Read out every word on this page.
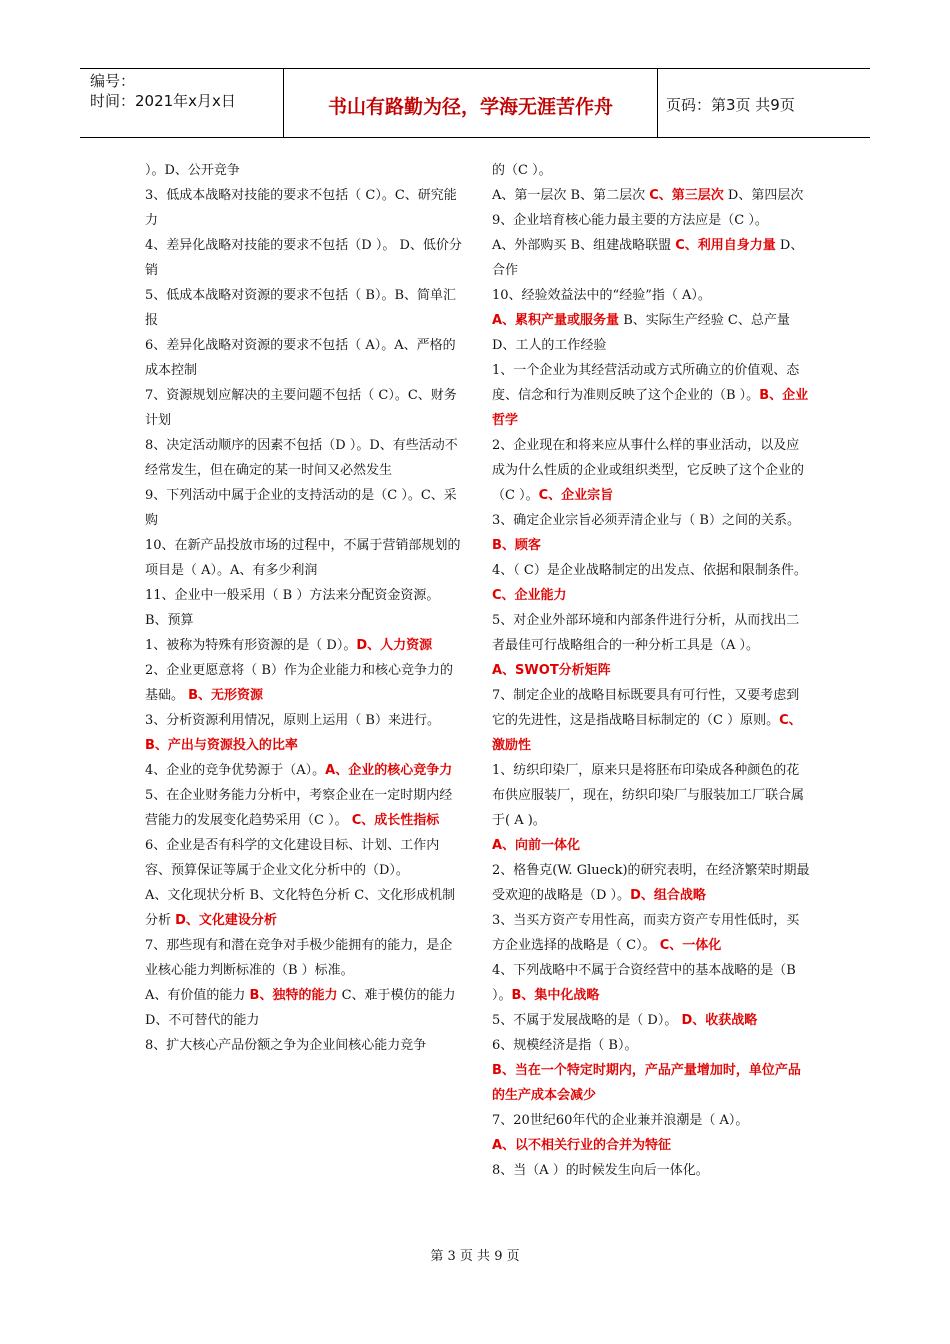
编号：
时间：2021年x月x日	书山有路勤为径，学海无涯苦作舟	页码：第3页 共9页

）。D、公开竞争

3、低成本战略对技能的要求不包括（ C）。C、研究能力

4、差异化战略对技能的要求不包括（D ）。 D、低价分销

5、低成本战略对资源的要求不包括（ B）。B、简单汇报

6、差异化战略对资源的要求不包括（ A）。A、严格的成本控制

7、资源规划应解决的主要问题不包括（ C）。C、财务计划

8、决定活动顺序的因素不包括（D ）。D、有些活动不经常发生，但在确定的某一时间又必然发生

9、下列活动中属于企业的支持活动的是（C ）。C、采购

10、在新产品投放市场的过程中，不属于营销部规划的项目是（ A）。A、有多少利润

11、企业中一般采用（ B ）方法来分配资金资源。

B、预算

1、被称为特殊有形资源的是（ D）。D、人力资源

2、企业更愿意将（ B）作为企业能力和核心竞争力的基础。 B、无形资源

3、分析资源利用情况，原则上运用（ B）来进行。

B、产出与资源投入的比率

4、企业的竞争优势源于（A）。A、企业的核心竞争力

5、在企业财务能力分析中，考察企业在一定时期内经营能力的发展变化趋势采用（C ）。 C、成长性指标

6、企业是否有科学的文化建设目标、计划、工作内容、预算保证等属于企业文化分析中的（D）。

A、文化现状分析 B、文化特色分析 C、文化形成机制分析 D、文化建设分析

7、那些现有和潜在竞争对手极少能拥有的能力，是企业核心能力判断标准的（B ）标准。

A、有价值的能力 B、独特的能力 C、难于模仿的能力 D、不可替代的能力

8、扩大核心产品份额之争为企业间核心能力竞争

的（C ）。

A、第一层次 B、第二层次 C、第三层次 D、第四层次

9、企业培育核心能力最主要的方法应是（C ）。

A、外部购买 B、组建战略联盟 C、利用自身力量 D、合作

10、经验效益法中的“经验”指（ A）。

A、累积产量或服务量 B、实际生产经验 C、总产量 D、工人的工作经验

1、一个企业为其经营活动或方式所确立的价值观、态度、信念和行为准则反映了这个企业的（B ）。B、企业哲学

2、企业现在和将来应从事什么样的事业活动，以及应成为什么性质的企业或组织类型，它反映了这个企业的（C ）。C、企业宗旨

3、确定企业宗旨必须弄清企业与（ B）之间的关系。B、顾客

4、（ C）是企业战略制定的出发点、依据和限制条件。C、企业能力

5、对企业外部环境和内部条件进行分析，从而找出二者最佳可行战略组合的一种分析工具是（A ）。

A、SWOT分析矩阵

7、制定企业的战略目标既要具有可行性，又要考虑到它的先进性，这是指战略目标制定的（C ）原则。C、激励性

1、纺织印染厂，原来只是将胚布印染成各种颜色的花布供应服装厂，现在，纺织印染厂与服装加工厂联合属于( A )。

A、向前一体化

2、格鲁克(W. Glueck)的研究表明，在经济繁荣时期最受欢迎的战略是（D ）。D、组合战略

3、当买方资产专用性高，而卖方资产专用性低时，买方企业选择的战略是（ C）。 C、一体化

4、下列战略中不属于合资经营中的基本战略的是（B ）。B、集中化战略

5、不属于发展战略的是（ D）。 D、收获战略

6、规模经济是指（ B）。

B、当在一个特定时期内，产品产量增加时，单位产品的生产成本会减少

7、20世纪60年代的企业兼并浪潮是（ A）。

A、以不相关行业的合并为特征

8、当（A ）的时候发生向后一体化。

第 3 页 共 9 页
